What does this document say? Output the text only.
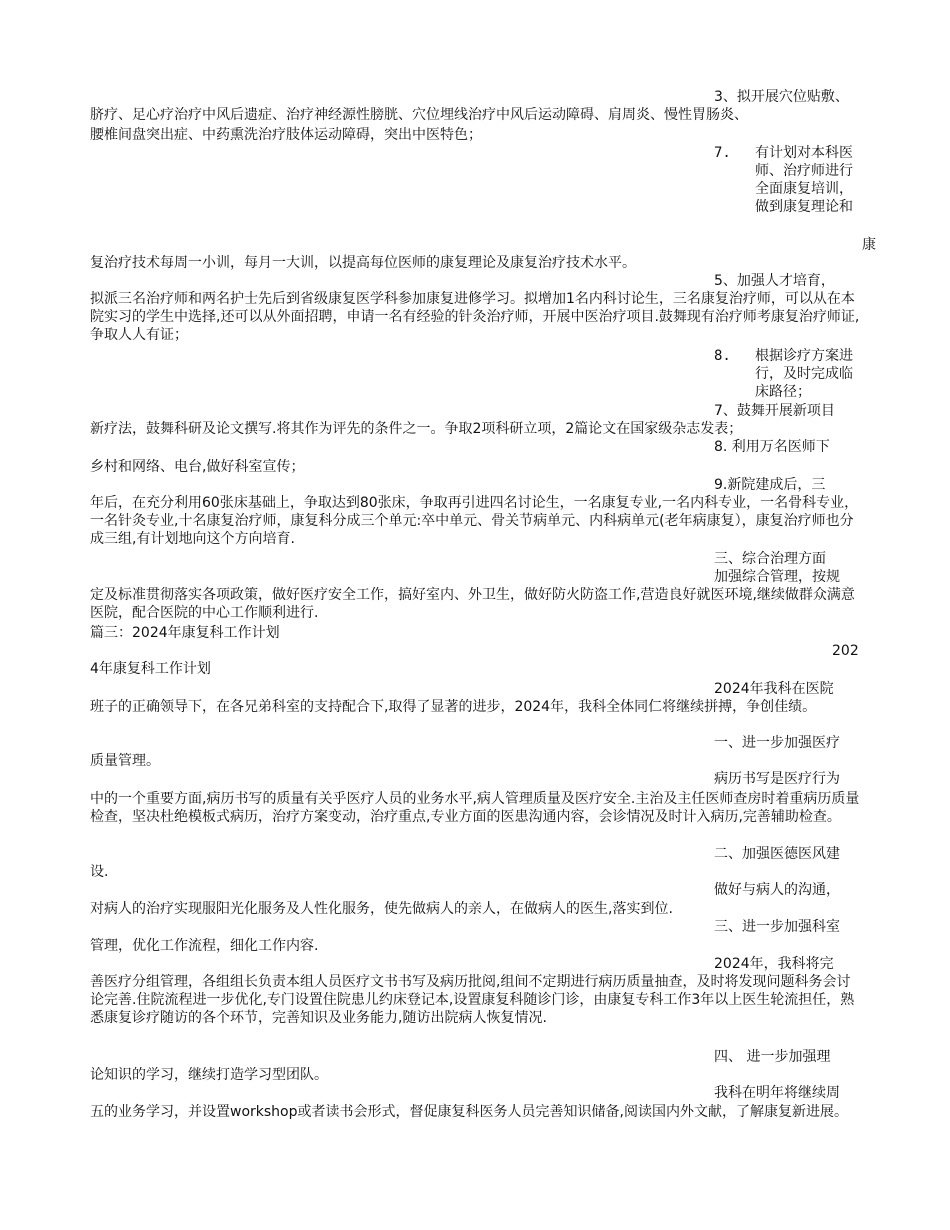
3、拟开展穴位贴敷、

脐疗、足心疗治疗中风后遗症、治疗神经源性膀胱、穴位埋线治疗中风后运动障碍、肩周炎、慢性胃肠炎、

腰椎间盘突出症、中药熏洗治疗肢体运动障碍，突出中医特色；

7. 有计划对本科医师、治疗师进行全面康复培训，做到康复理论和

康

复治疗技术每周一小训，每月一大训，以提高每位医师的康复理论及康复治疗技术水平。

5、加强人才培育，

拟派三名治疗师和两名护士先后到省级康复医学科参加康复进修学习。拟增加1名内科讨论生，三名康复治疗师，可以从在本院实习的学生中选择,还可以从外面招聘，申请一名有经验的针灸治疗师，开展中医治疗项目.鼓舞现有治疗师考康复治疗师证,争取人人有证；

8. 根据诊疗方案进行，及时完成临床路径；

7、鼓舞开展新项目

新疗法，鼓舞科研及论文撰写.将其作为评先的条件之一。争取2项科研立项，2篇论文在国家级杂志发表；

8. 利用万名医师下

乡村和网络、电台,做好科室宣传；

9.新院建成后，三

年后，在充分利用60张床基础上，争取达到80张床，争取再引进四名讨论生，一名康复专业,一名内科专业，一名骨科专业，一名针灸专业,十名康复治疗师，康复科分成三个单元:卒中单元、骨关节病单元、内科病单元(老年病康复），康复治疗师也分成三组,有计划地向这个方向培育.

三、综合治理方面

加强综合管理，按规

定及标准贯彻落实各项政策，做好医疗安全工作，搞好室内、外卫生，做好防火防盗工作,营造良好就医环境,继续做群众满意医院，配合医院的中心工作顺利进行.

篇三：2024年康复科工作计划

202

4年康复科工作计划

2024年我科在医院

班子的正确领导下，在各兄弟科室的支持配合下,取得了显著的进步，2024年，我科全体同仁将继续拼搏，争创佳绩。

一、进一步加强医疗

质量管理。

病历书写是医疗行为

中的一个重要方面,病历书写的质量有关乎医疗人员的业务水平,病人管理质量及医疗安全.主治及主任医师查房时着重病历质量检查，坚决杜绝模板式病历，治疗方案变动，治疗重点,专业方面的医患沟通内容，会诊情况及时计入病历,完善辅助检查。

二、加强医德医风建

设.

做好与病人的沟通，

对病人的治疗实现服阳光化服务及人性化服务，使先做病人的亲人，在做病人的医生,落实到位.

三、进一步加强科室

管理，优化工作流程，细化工作内容.

2024年，我科将完

善医疗分组管理，各组组长负责本组人员医疗文书书写及病历批阅,组间不定期进行病历质量抽查，及时将发现问题科务会讨论完善.住院流程进一步优化,专门设置住院患儿约床登记本,设置康复科随诊门诊，由康复专科工作3年以上医生轮流担任，熟悉康复诊疗随访的各个环节，完善知识及业务能力,随访出院病人恢复情况.

四、 进一步加强理

论知识的学习，继续打造学习型团队。

我科在明年将继续周

五的业务学习，并设置workshop或者读书会形式，督促康复科医务人员完善知识储备,阅读国内外文献，了解康复新进展。
